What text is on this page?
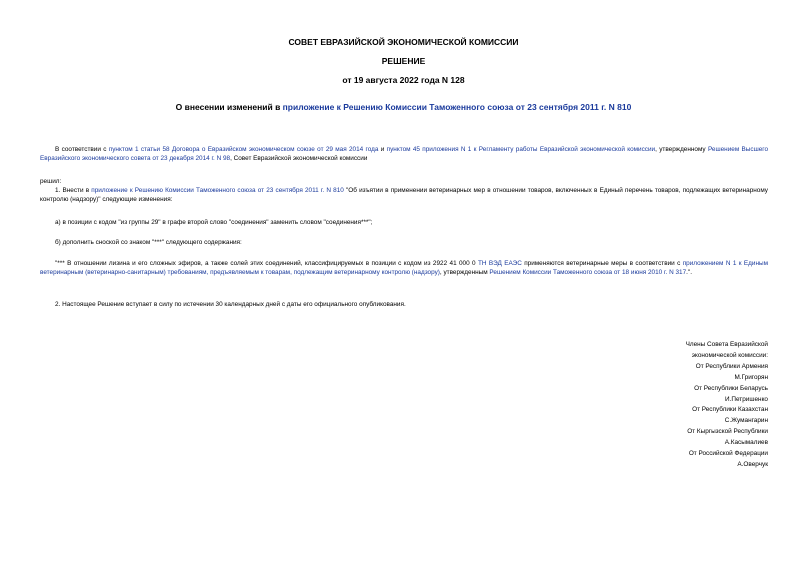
СОВЕТ ЕВРАЗИЙСКОЙ ЭКОНОМИЧЕСКОЙ КОМИССИИ
РЕШЕНИЕ
от 19 августа 2022 года N 128
О внесении изменений в приложение к Решению Комиссии Таможенного союза от 23 сентября 2011 г. N 810
В соответствии с пунктом 1 статьи 58 Договора о Евразийском экономическом союзе от 29 мая 2014 года и пунктом 45 приложения N 1 к Регламенту работы Евразийской экономической комиссии, утвержденному Решением Высшего Евразийского экономического совета от 23 декабря 2014 г. N 98, Совет Евразийской экономической комиссии
решил:
1. Внести в приложение к Решению Комиссии Таможенного союза от 23 сентября 2011 г. N 810 "Об изъятии в применении ветеринарных мер в отношении товаров, включенных в Единый перечень товаров, подлежащих ветеринарному контролю (надзору)" следующие изменения:
а) в позиции с кодом "из группы 29" в графе второй слово "соединения" заменить словом "соединения***";
б) дополнить сноской со знаком "***" следующего содержания:
"*** В отношении лизина и его сложных эфиров, а также солей этих соединений, классифицируемых в позиции с кодом из 2922 41 000 0 ТН ВЭД ЕАЭС применяются ветеринарные меры в соответствии с приложением N 1 к Единым ветеринарным (ветеринарно-санитарным) требованиям, предъявляемым к товарам, подлежащим ветеринарному контролю (надзору), утвержденным Решением Комиссии Таможенного союза от 18 июня 2010 г. N 317.".
2. Настоящее Решение вступает в силу по истечении 30 календарных дней с даты его официального опубликования.
Члены Совета Евразийской
экономической комиссии:
От Республики Армения
М.Григорян
От Республики Беларусь
И.Петришенко
От Республики Казахстан
С.Жумангарин
От Кыргызской Республики
А.Касымалиев
От Российской Федерации
А.Оверчук
